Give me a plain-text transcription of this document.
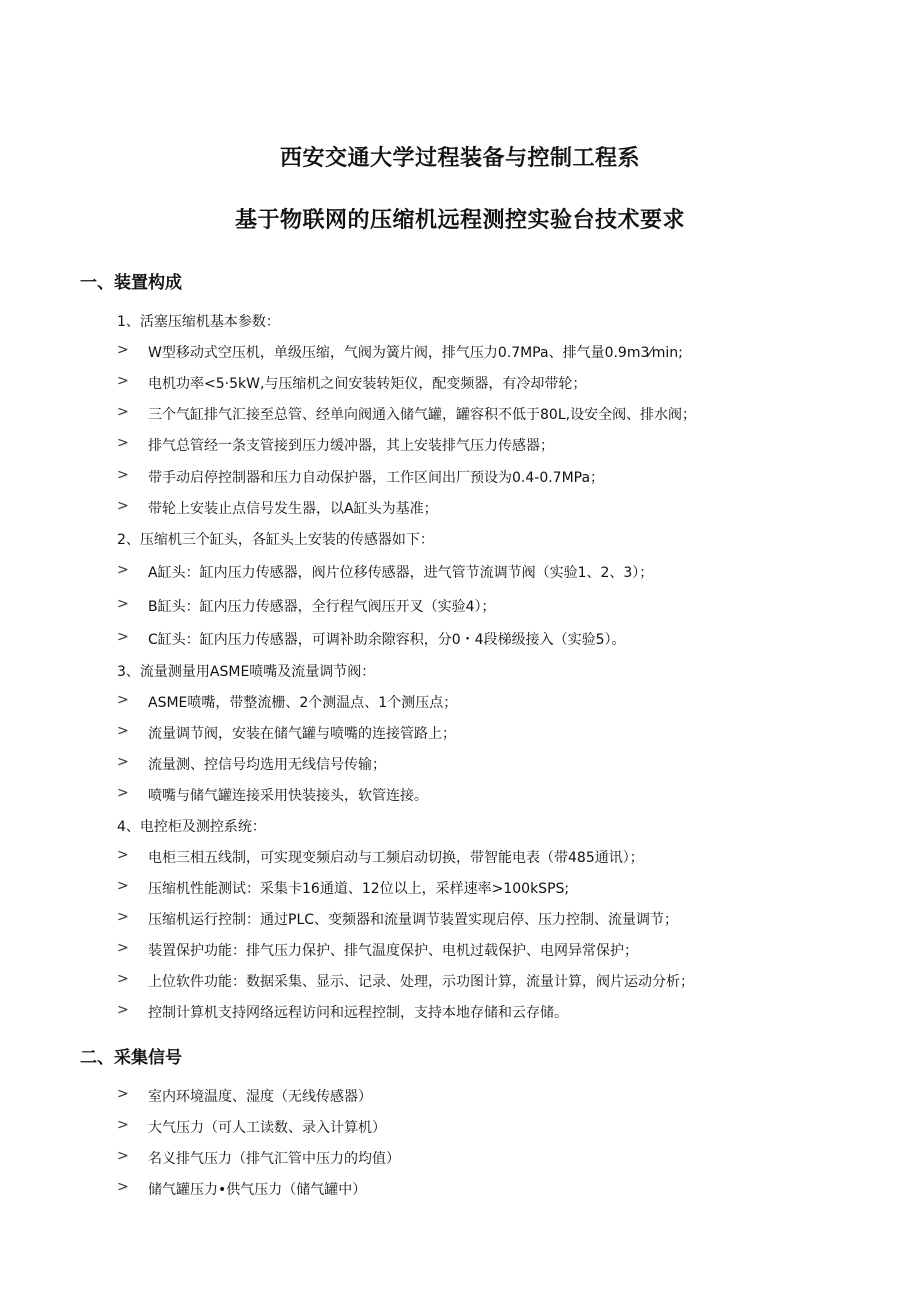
西安交通大学过程装备与控制工程系
基于物联网的压缩机远程测控实验台技术要求
一、装置构成
1、活塞压缩机基本参数：
> W型移动式空压机，单级压缩，气阀为簧片阀，排气压力0.7MPa、排气量0.9m3⁄min;
> 电机功率<5·5kW,与压缩机之间安装转矩仪，配变频器，有冷却带轮；
> 三个气缸排气汇接至总管、经单向阀通入储气罐，罐容积不低于80L,设安全阀、排水阀；
> 排气总管经一条支管接到压力缓冲器，其上安装排气压力传感器；
> 带手动启停控制器和压力自动保护器，工作区间出厂预设为0.4-0.7MPa；
> 带轮上安装止点信号发生器，以A缸头为基准；
2、压缩机三个缸头，各缸头上安装的传感器如下：
> A缸头：缸内压力传感器，阀片位移传感器，进气管节流调节阀（实验1、2、3）；
> B缸头：缸内压力传感器，全行程气阀压开叉（实验4）；
> C缸头：缸内压力传感器，可调补助余隙容积，分0・4段梯级接入（实验5）。
3、流量测量用ASME喷嘴及流量调节阀：
> ASME喷嘴，带整流栅、2个测温点、1个测压点；
> 流量调节阀，安装在储气罐与喷嘴的连接管路上；
> 流量测、控信号均选用无线信号传输；
> 喷嘴与储气罐连接采用快装接头，软管连接。
4、电控柜及测控系统：
> 电柜三相五线制，可实现变频启动与工频启动切换，带智能电表（带485通讯）；
> 压缩机性能测试：采集卡16通道、12位以上，采样速率>100kSPS;
> 压缩机运行控制：通过PLC、变频器和流量调节装置实现启停、压力控制、流量调节；
> 装置保护功能：排气压力保护、排气温度保护、电机过载保护、电网异常保护；
> 上位软件功能：数据采集、显示、记录、处理，示功图计算，流量计算，阀片运动分析；
> 控制计算机支持网络远程访问和远程控制，支持本地存储和云存储。
二、采集信号
> 室内环境温度、湿度（无线传感器）
> 大气压力（可人工读数、录入计算机）
> 名义排气压力（排气汇管中压力的均值）
> 储气罐压力•供气压力（储气罐中）
